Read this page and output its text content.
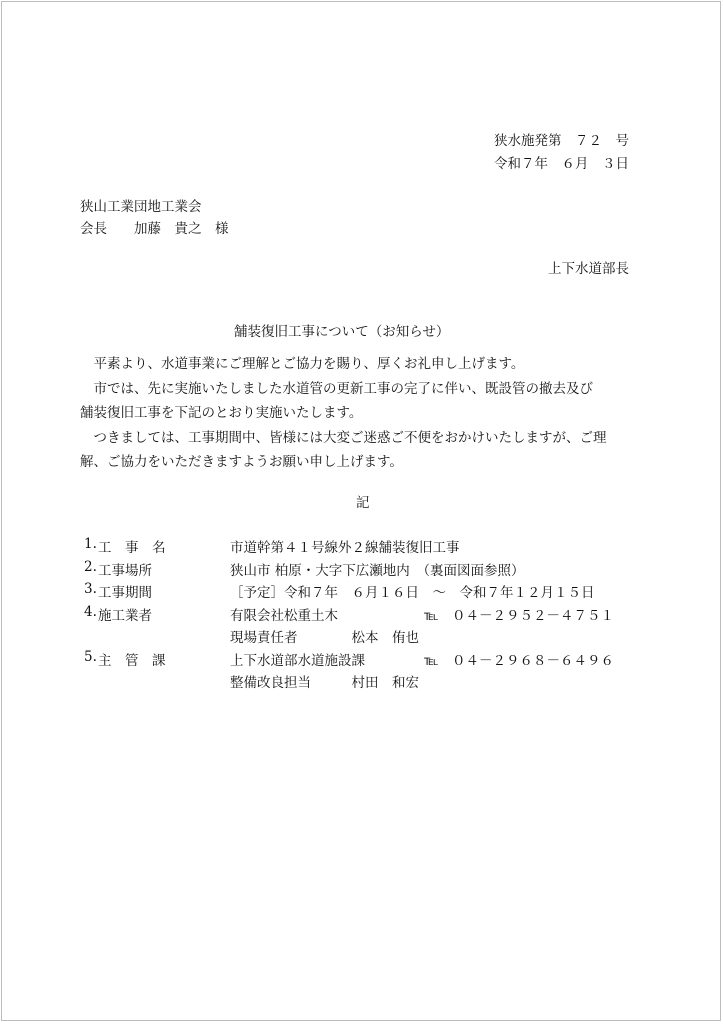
狭水施発第　７２　号
令和７年　６月　３日
狭山工業団地工業会
会長　　加藤　貴之　様
上下水道部長
舗装復旧工事について（お知らせ）

　平素より、水道事業にご理解とご協力を賜り、厚くお礼申し上げます。

　市では、先に実施いたしました水道管の更新工事の完了に伴い、既設管の撤去及び

舗装復旧工事を下記のとおり実施いたします。

　つきましては、工事期間中、皆様には大変ご迷惑ご不便をおかけいたしますが、ご理

解、ご協力をいただきますようお願い申し上げます。

記
1. 工　事　名	市道幹第４１号線外２線舗装復旧工事
2. 工事場所	狭山市 柏原・大字下広瀬地内　（裏面図面参照）
3. 工事期間	［予定］令和７年　６月１６日　～　令和７年１２月１５日
4. 施工業者	有限会社松重土木	℡　０４－２９５２－４７５１
現場責任者　　　　松本　侑也
5. 主　管　課	上下水道部水道施設課	℡　０４－２９６８－６４９６
整備改良担当　　　村田　和宏
